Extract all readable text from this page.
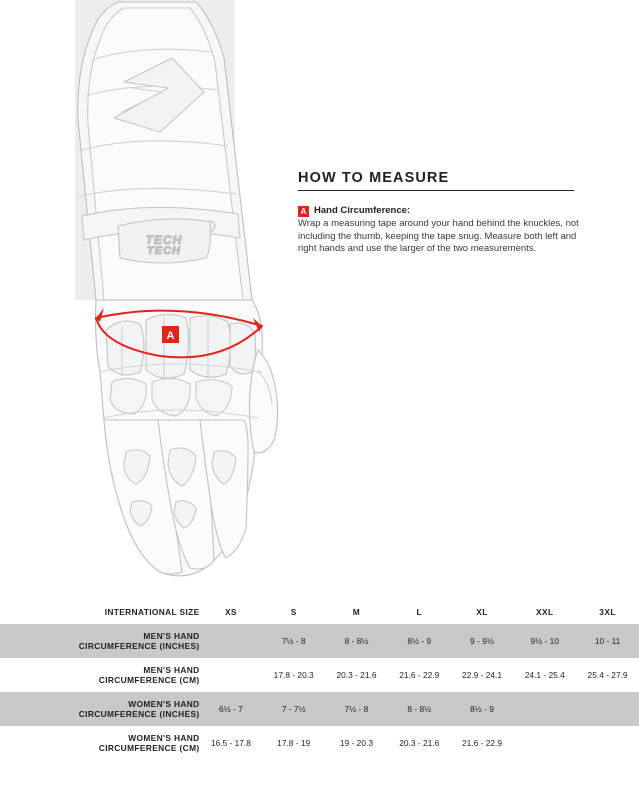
TECH
TECH
A
HOW TO MEASURE
A Hand Circumference:
Wrap a measuring tape around your hand behind the knuckles, not including the thumb, keeping the tape snug. Measure both left and right hands and use the larger of the two measurements.
INTERNATIONAL SIZE	XS	S	M	L	XL	XXL	3XL

MEN'S HAND
CIRCUMFERENCE (INCHES)		7½ - 8	8 - 8½	8½ - 9	9 - 9½	9½ - 10	10 - 11

MEN'S HAND
CIRCUMFERENCE (CM)		17.8 - 20.3	20.3 - 21.6	21.6 - 22.9	22.9 - 24.1	24.1 - 25.4	25.4 - 27.9

WOMEN'S HAND
CIRCUMFERENCE (INCHES)	6½ - 7	7 - 7½	7½ - 8	8 - 8½	8½ - 9		

WOMEN'S HAND
CIRCUMFERENCE (CM)	16.5 - 17.8	17.8 - 19	19 - 20.3	20.3 - 21.6	21.6 - 22.9		
